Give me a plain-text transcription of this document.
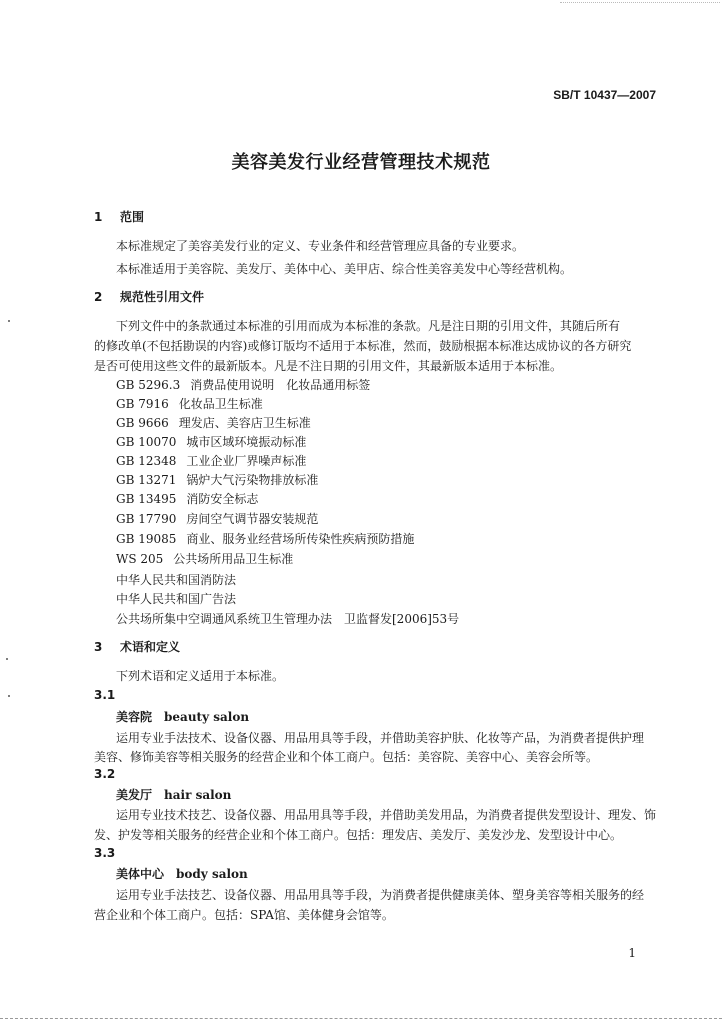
SB/T 10437—2007
美容美发行业经营管理技术规范
1 范围
本标准规定了美容美发行业的定义、专业条件和经营管理应具备的专业要求。
本标准适用于美容院、美发厅、美体中心、美甲店、综合性美容美发中心等经营机构。
2 规范性引用文件
下列文件中的条款通过本标准的引用而成为本标准的条款。凡是注日期的引用文件，其随后所有
的修改单(不包括勘误的内容)或修订版均不适用于本标准，然而，鼓励根据本标准达成协议的各方研究
是否可使用这些文件的最新版本。凡是不注日期的引用文件，其最新版本适用于本标准。
GB 5296.3 消费品使用说明　化妆品通用标签
GB 7916 化妆品卫生标准
GB 9666 理发店、美容店卫生标准
GB 10070 城市区域环境振动标准
GB 12348 工业企业厂界噪声标准
GB 13271 锅炉大气污染物排放标准
GB 13495 消防安全标志
GB 17790 房间空气调节器安装规范
GB 19085 商业、服务业经营场所传染性疾病预防措施
WS 205 公共场所用品卫生标准
中华人民共和国消防法
中华人民共和国广告法
公共场所集中空调通风系统卫生管理办法　卫监督发[2006]53号
3 术语和定义
下列术语和定义适用于本标准。
3.1
美容院 beauty salon
运用专业手法技术、设备仪器、用品用具等手段，并借助美容护肤、化妆等产品，为消费者提供护理
美容、修饰美容等相关服务的经营企业和个体工商户。包括：美容院、美容中心、美容会所等。
3.2
美发厅 hair salon
运用专业技术技艺、设备仪器、用品用具等手段，并借助美发用品，为消费者提供发型设计、理发、饰
发、护发等相关服务的经营企业和个体工商户。包括：理发店、美发厅、美发沙龙、发型设计中心。
3.3
美体中心 body salon
运用专业手法技艺、设备仪器、用品用具等手段，为消费者提供健康美体、塑身美容等相关服务的经
营企业和个体工商户。包括：SPA馆、美体健身会馆等。
1
